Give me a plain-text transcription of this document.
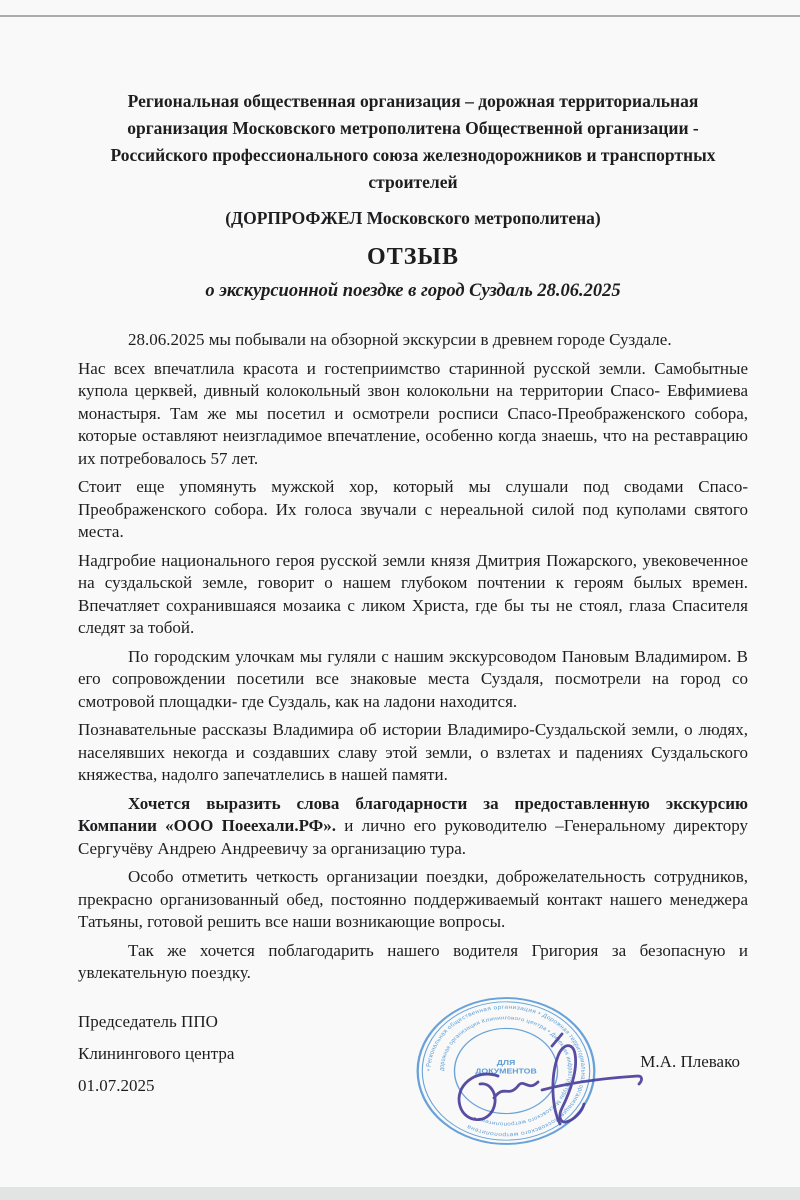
Региональная общественная организация – дорожная территориальная организация Московского метрополитена Общественной организации - Российского профессионального союза железнодорожников и транспортных строителей

(ДОРПРОФЖЕЛ Московского метрополитена)

ОТЗЫВ

о экскурсионной поездке в город Суздаль 28.06.2025

28.06.2025 мы побывали на обзорной экскурсии в древнем городе Суздале.

Нас всех впечатлила красота и гостеприимство старинной русской земли. Самобытные купола церквей, дивный колокольный звон колокольни на территории Спасо- Евфимиева монастыря. Там же мы посетил и осмотрели росписи Спасо-Преображенского собора, которые оставляют неизгладимое впечатление, особенно когда знаешь, что на реставрацию их потребовалось 57 лет.

Стоит еще упомянуть мужской хор, который мы слушали под сводами Спасо-Преображенского собора. Их голоса звучали с нереальной силой под куполами святого места.

Надгробие национального героя русской земли князя Дмитрия Пожарского, увековеченное на суздальской земле, говорит о нашем глубоком почтении к героям былых времен. Впечатляет сохранившаяся мозаика с ликом Христа, где бы ты не стоял, глаза Спасителя следят за тобой.

По городским улочкам мы гуляли с нашим экскурсоводом Пановым Владимиром. В его сопровождении посетили все знаковые места Суздаля, посмотрели на город со смотровой площадки- где Суздаль, как на ладони находится.

Познавательные рассказы Владимира об истории Владимиро-Суздальской земли, о людях, населявших некогда и создавших славу этой земли, о взлетах и падениях Суздальского княжества, надолго запечатлелись в нашей памяти.

Хочется выразить слова благодарности за предоставленную экскурсию Компании «ООО Поеехали.РФ». и лично его руководителю –Генеральному директору Сергучёву Андрею Андреевичу за организацию тура.

Особо отметить четкость организации поездки, доброжелательность сотрудников, прекрасно организованный обед, постоянно поддерживаемый контакт нашего менеджера Татьяны, готовой решить все наши возникающие вопросы.

Так же хочется поблагодарить нашего водителя Григория за безопасную и увлекательную поездку.

Председатель ППО

Клинингового центра

01.07.2025

М.А. Плевако
• Региональная общественная организация • Дорожная территориальная организация Московского метрополитена
дорожная организация Клинингового центра • Дирекция инфраструктуры Московского метрополитена •
ДЛЯ
ДОКУМЕНТОВ
